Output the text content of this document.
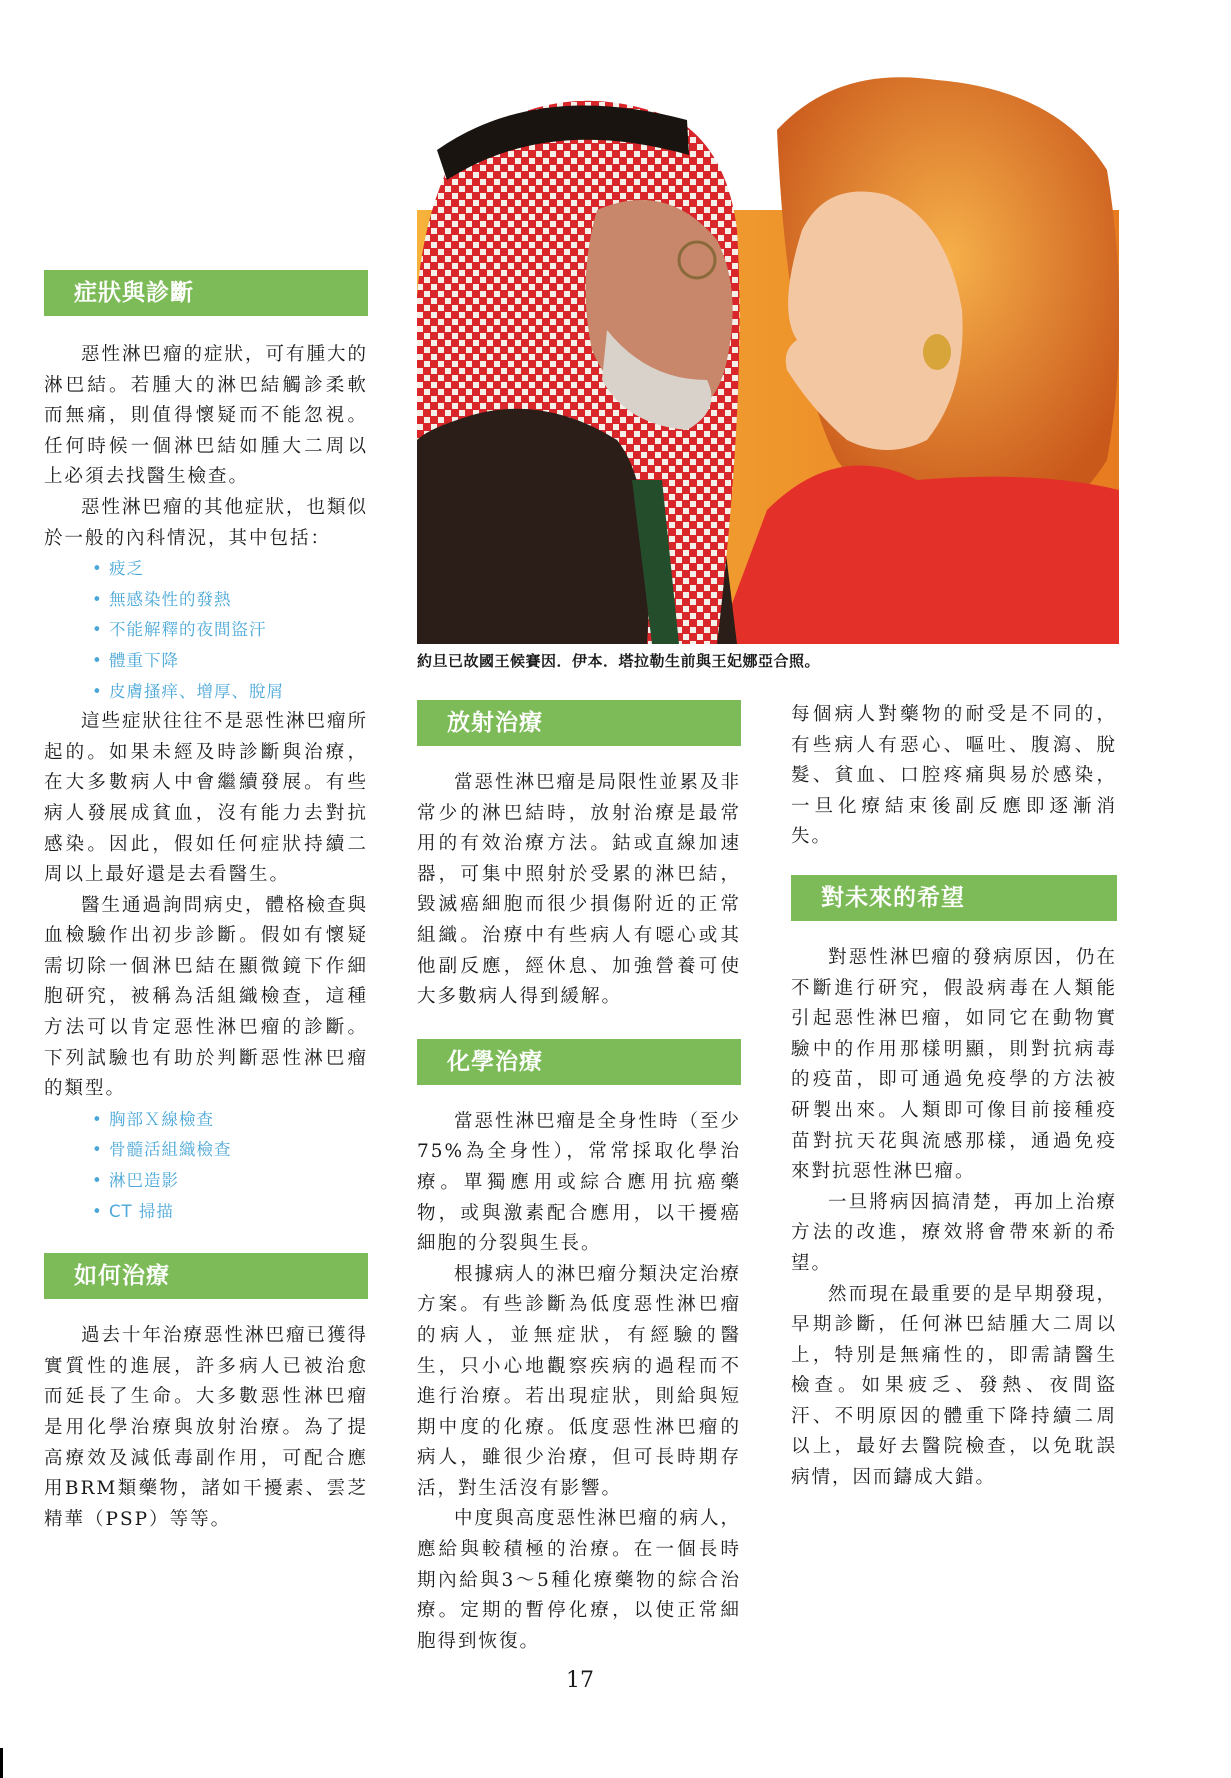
症狀與診斷

惡性淋巴瘤的症狀，可有腫大的淋巴結。若腫大的淋巴結觸診柔軟而無痛，則值得懷疑而不能忽視。任何時候一個淋巴結如腫大二周以上必須去找醫生檢查。

惡性淋巴瘤的其他症狀，也類似於一般的內科情況，其中包括：

• 疲乏
• 無感染性的發熱
• 不能解釋的夜間盜汗
• 體重下降
• 皮膚搔痒、增厚、脫屑

這些症狀往往不是惡性淋巴瘤所起的。如果未經及時診斷與治療，在大多數病人中會繼續發展。有些病人發展成貧血，沒有能力去對抗感染。因此，假如任何症狀持續二周以上最好還是去看醫生。

醫生通過詢問病史，體格檢查與血檢驗作出初步診斷。假如有懷疑需切除一個淋巴結在顯微鏡下作細胞研究，被稱為活組織檢查，這種方法可以肯定惡性淋巴瘤的診斷。下列試驗也有助於判斷惡性淋巴瘤的類型。

• 胸部Ｘ線檢查
• 骨髓活組織檢查
• 淋巴造影
• CT 掃描
如何治療

過去十年治療惡性淋巴瘤已獲得實質性的進展，許多病人已被治愈而延長了生命。大多數惡性淋巴瘤是用化學治療與放射治療。為了提高療效及減低毒副作用，可配合應用BRM類藥物，諸如干擾素、雲芝精華（PSP）等等。

約旦已故國王候賽因．伊本．塔拉勒生前與王妃娜亞合照。

放射治療

當惡性淋巴瘤是局限性並累及非常少的淋巴結時，放射治療是最常用的有效治療方法。鈷或直線加速器，可集中照射於受累的淋巴結，毀滅癌細胞而很少損傷附近的正常組織。治療中有些病人有噁心或其他副反應，經休息、加強營養可使大多數病人得到緩解。

化學治療

當惡性淋巴瘤是全身性時（至少75%為全身性），常常採取化學治療。單獨應用或綜合應用抗癌藥物，或與激素配合應用，以干擾癌細胞的分裂與生長。

根據病人的淋巴瘤分類決定治療方案。有些診斷為低度惡性淋巴瘤的病人，並無症狀，有經驗的醫生，只小心地觀察疾病的過程而不進行治療。若出現症狀，則給與短期中度的化療。低度惡性淋巴瘤的病人，雖很少治療，但可長時期存活，對生活沒有影響。

中度與高度惡性淋巴瘤的病人，應給與較積極的治療。在一個長時期內給與3～5種化療藥物的綜合治療。定期的暫停化療，以使正常細胞得到恢復。

每個病人對藥物的耐受是不同的，有些病人有惡心、嘔吐、腹瀉、脫髮、貧血、口腔疼痛與易於感染，一旦化療結束後副反應即逐漸消失。

對未來的希望

對惡性淋巴瘤的發病原因，仍在不斷進行研究，假設病毒在人類能引起惡性淋巴瘤，如同它在動物實驗中的作用那樣明顯，則對抗病毒的疫苗，即可通過免疫學的方法被研製出來。人類即可像目前接種疫苗對抗天花與流感那樣，通過免疫來對抗惡性淋巴瘤。

一旦將病因搞清楚，再加上治療方法的改進，療效將會帶來新的希望。

然而現在最重要的是早期發現，早期診斷，任何淋巴結腫大二周以上，特別是無痛性的，即需請醫生檢查。如果疲乏、發熱、夜間盜汗、不明原因的體重下降持續二周以上，最好去醫院檢查，以免耽誤病情，因而鑄成大錯。

17
